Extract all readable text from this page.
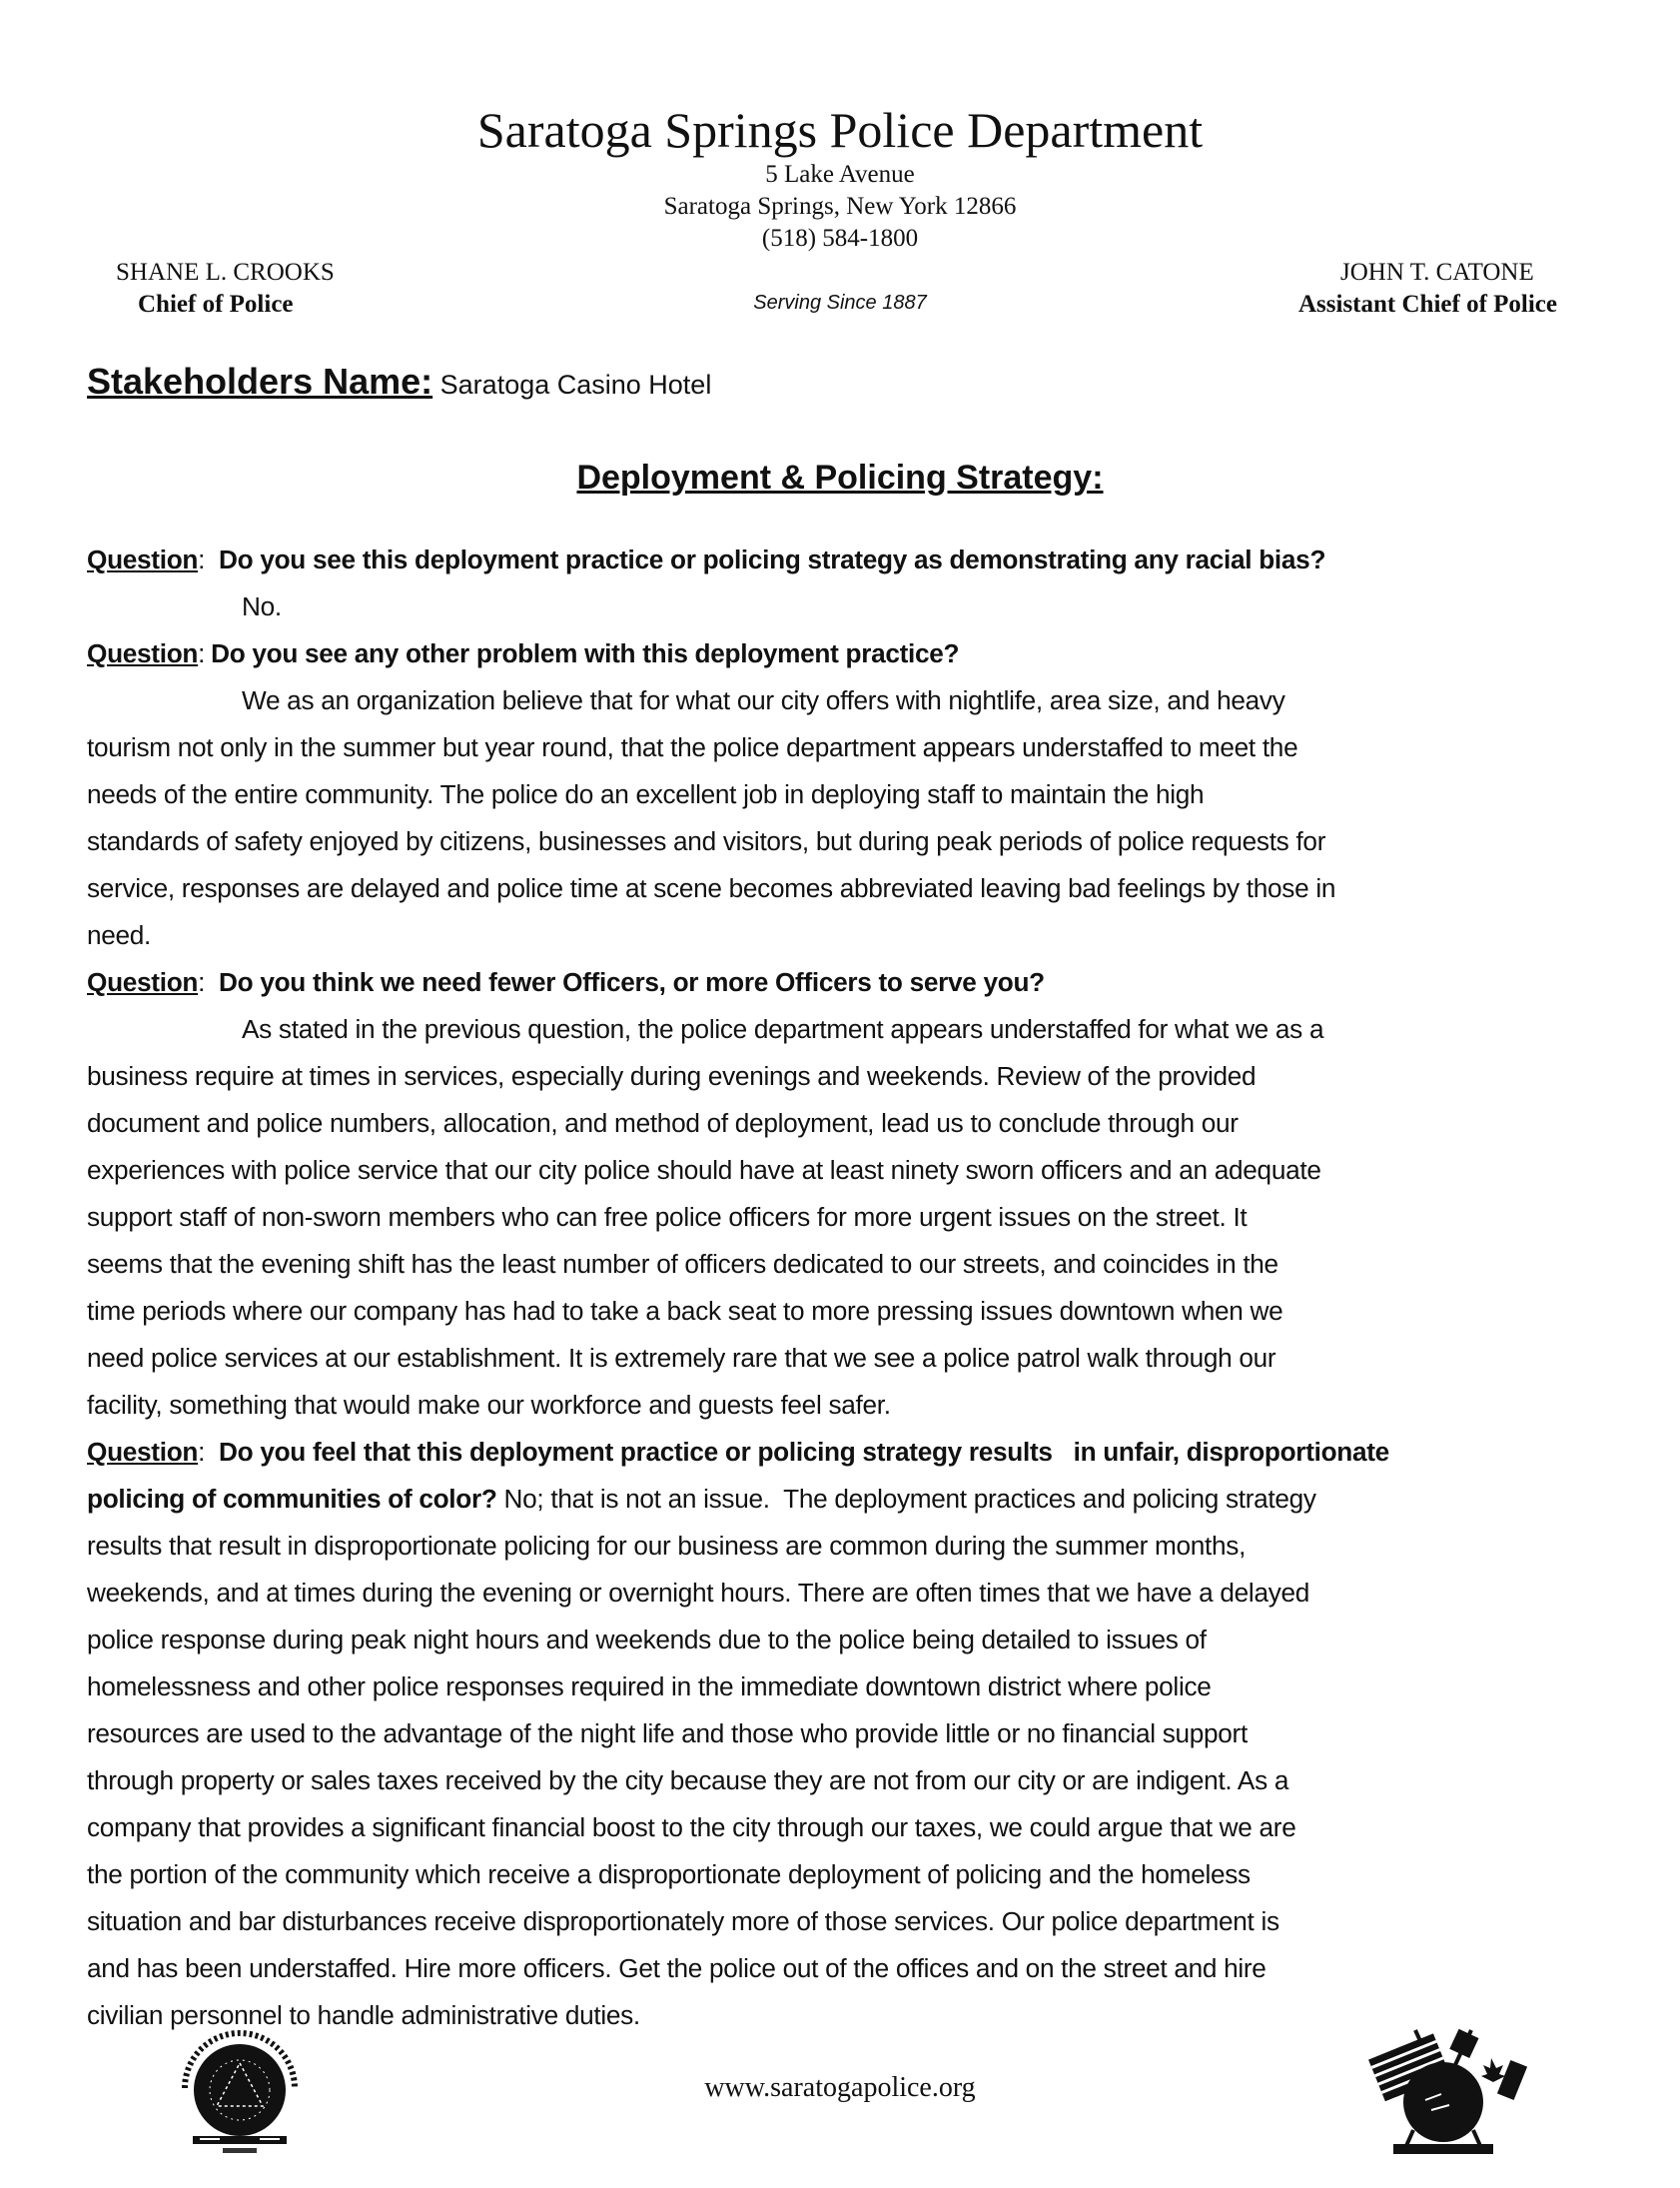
Saratoga Springs Police Department
5 Lake Avenue
Saratoga Springs, New York 12866
(518) 584-1800
SHANE L. CROOKS
Chief of Police	Serving Since 1887
JOHN T. CATONE
Assistant Chief of Police
Stakeholders Name: Saratoga Casino Hotel
Deployment & Policing Strategy:
Question:  Do you see this deployment practice or policing strategy as demonstrating any racial bias?
No.
Question: Do you see any other problem with this deployment practice?
We as an organization believe that for what our city offers with nightlife, area size, and heavy
tourism not only in the summer but year round, that the police department appears understaffed to meet the
needs of the entire community. The police do an excellent job in deploying staff to maintain the high
standards of safety enjoyed by citizens, businesses and visitors, but during peak periods of police requests for
service, responses are delayed and police time at scene becomes abbreviated leaving bad feelings by those in
need.
Question:  Do you think we need fewer Officers, or more Officers to serve you?
As stated in the previous question, the police department appears understaffed for what we as a
business require at times in services, especially during evenings and weekends. Review of the provided
document and police numbers, allocation, and method of deployment, lead us to conclude through our
experiences with police service that our city police should have at least ninety sworn officers and an adequate
support staff of non-sworn members who can free police officers for more urgent issues on the street. It
seems that the evening shift has the least number of officers dedicated to our streets, and coincides in the
time periods where our company has had to take a back seat to more pressing issues downtown when we
need police services at our establishment. It is extremely rare that we see a police patrol walk through our
facility, something that would make our workforce and guests feel safer.
Question:  Do you feel that this deployment practice or policing strategy results   in unfair, disproportionate
policing of communities of color? No; that is not an issue.  The deployment practices and policing strategy
results that result in disproportionate policing for our business are common during the summer months,
weekends, and at times during the evening or overnight hours. There are often times that we have a delayed
police response during peak night hours and weekends due to the police being detailed to issues of
homelessness and other police responses required in the immediate downtown district where police
resources are used to the advantage of the night life and those who provide little or no financial support
through property or sales taxes received by the city because they are not from our city or are indigent. As a
company that provides a significant financial boost to the city through our taxes, we could argue that we are
the portion of the community which receive a disproportionate deployment of policing and the homeless
situation and bar disturbances receive disproportionately more of those services. Our police department is
and has been understaffed. Hire more officers. Get the police out of the offices and on the street and hire
civilian personnel to handle administrative duties.
www.saratogapolice.org
